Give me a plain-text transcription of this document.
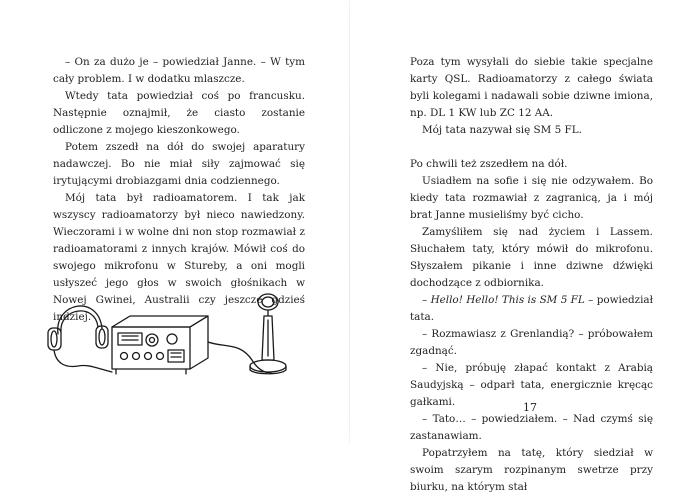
– On za dużo je – powiedział Janne. – W tym cały problem. I w dodatku mlaszcze.

Wtedy tata powiedział coś po francusku. Następnie oznajmił, że ciasto zostanie odliczone z mojego kieszonkowego.

Potem zszedł na dół do swojej aparatury nadawczej. Bo nie miał siły zajmować się irytującymi drobiazgami dnia codziennego.

Mój tata był radioamatorem. I tak jak wszyscy radioamatorzy był nieco nawiedzony. Wieczorami i w wolne dni non stop rozmawiał z radioamatorami z innych krajów. Mówił coś do swojego mikrofonu w Stureby, a oni mogli usłyszeć jego głos w swoich głośnikach w Nowej Gwinei, Australii czy jeszcze gdzieś indziej.

Poza tym wysyłali do siebie takie specjalne karty QSL. Radioamatorzy z całego świata byli kolegami i nadawali sobie dziwne imiona, np. DL 1 KW lub ZC 12 AA.

Mój tata nazywał się SM 5 FL.

Po chwili też zszedłem na dół.

Usiadłem na sofie i się nie odzywałem. Bo kiedy tata rozmawiał z zagranicą, ja i mój brat Janne musieliśmy być cicho.

Zamyśliłem się nad życiem i Lassem. Słuchałem taty, który mówił do mikrofonu. Słyszałem pikanie i inne dziwne dźwięki dochodzące z odbiornika.

– Hello! Hello! This is SM 5 FL – powiedział tata.

– Rozmawiasz z Grenlandią? – próbowałem zgadnąć.

– Nie, próbuję złapać kontakt z Arabią Saudyjską – odparł tata, energicznie kręcąc gałkami.

– Tato… – powiedziałem. – Nad czymś się zastanawiam.

Popatrzyłem na tatę, który siedział w swoim szarym rozpinanym swetrze przy biurku, na którym stał

17
